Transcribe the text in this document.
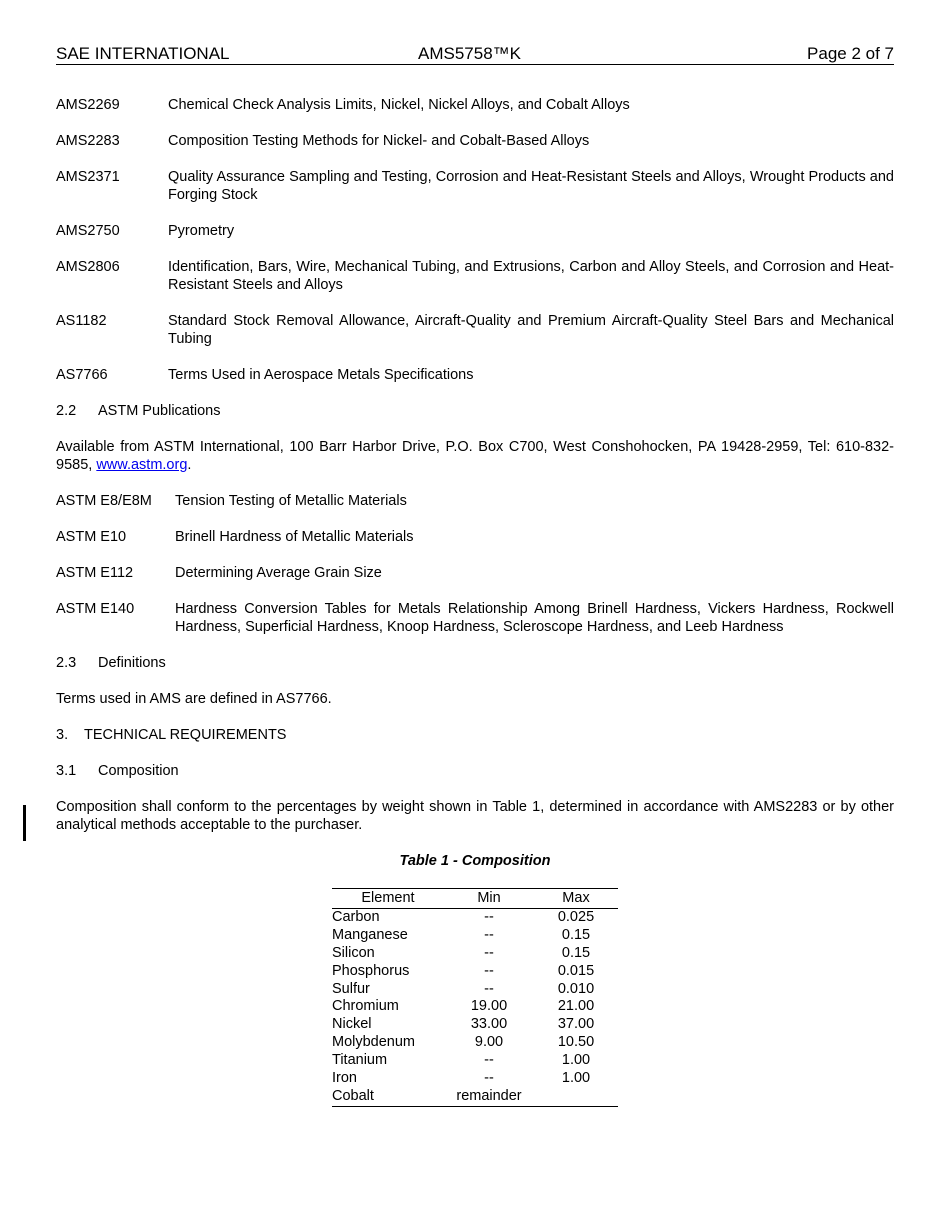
SAE INTERNATIONAL	AMS5758™K	Page 2 of 7
AMS2269	Chemical Check Analysis Limits, Nickel, Nickel Alloys, and Cobalt Alloys
AMS2283	Composition Testing Methods for Nickel- and Cobalt-Based Alloys
AMS2371	Quality Assurance Sampling and Testing, Corrosion and Heat-Resistant Steels and Alloys, Wrought Products and Forging Stock
AMS2750	Pyrometry
AMS2806	Identification, Bars, Wire, Mechanical Tubing, and Extrusions, Carbon and Alloy Steels, and Corrosion and Heat-Resistant Steels and Alloys
AS1182	Standard Stock Removal Allowance, Aircraft-Quality and Premium Aircraft-Quality Steel Bars and Mechanical Tubing
AS7766	Terms Used in Aerospace Metals Specifications
2.2	ASTM Publications
Available from ASTM International, 100 Barr Harbor Drive, P.O. Box C700, West Conshohocken, PA 19428-2959, Tel: 610-832-9585, www.astm.org.
ASTM E8/E8M	Tension Testing of Metallic Materials
ASTM E10	Brinell Hardness of Metallic Materials
ASTM E112	Determining Average Grain Size
ASTM E140	Hardness Conversion Tables for Metals Relationship Among Brinell Hardness, Vickers Hardness, Rockwell Hardness, Superficial Hardness, Knoop Hardness, Scleroscope Hardness, and Leeb Hardness
2.3	Definitions
Terms used in AMS are defined in AS7766.
3.	TECHNICAL REQUIREMENTS
3.1	Composition
Composition shall conform to the percentages by weight shown in Table 1, determined in accordance with AMS2283 or by other analytical methods acceptable to the purchaser.
Table 1 - Composition
Element	Min	Max
Carbon	--	0.025
Manganese	--	0.15
Silicon	--	0.15
Phosphorus	--	0.015
Sulfur	--	0.010
Chromium	19.00	21.00
Nickel	33.00	37.00
Molybdenum	9.00	10.50
Titanium	--	1.00
Iron	--	1.00
Cobalt	remainder	
